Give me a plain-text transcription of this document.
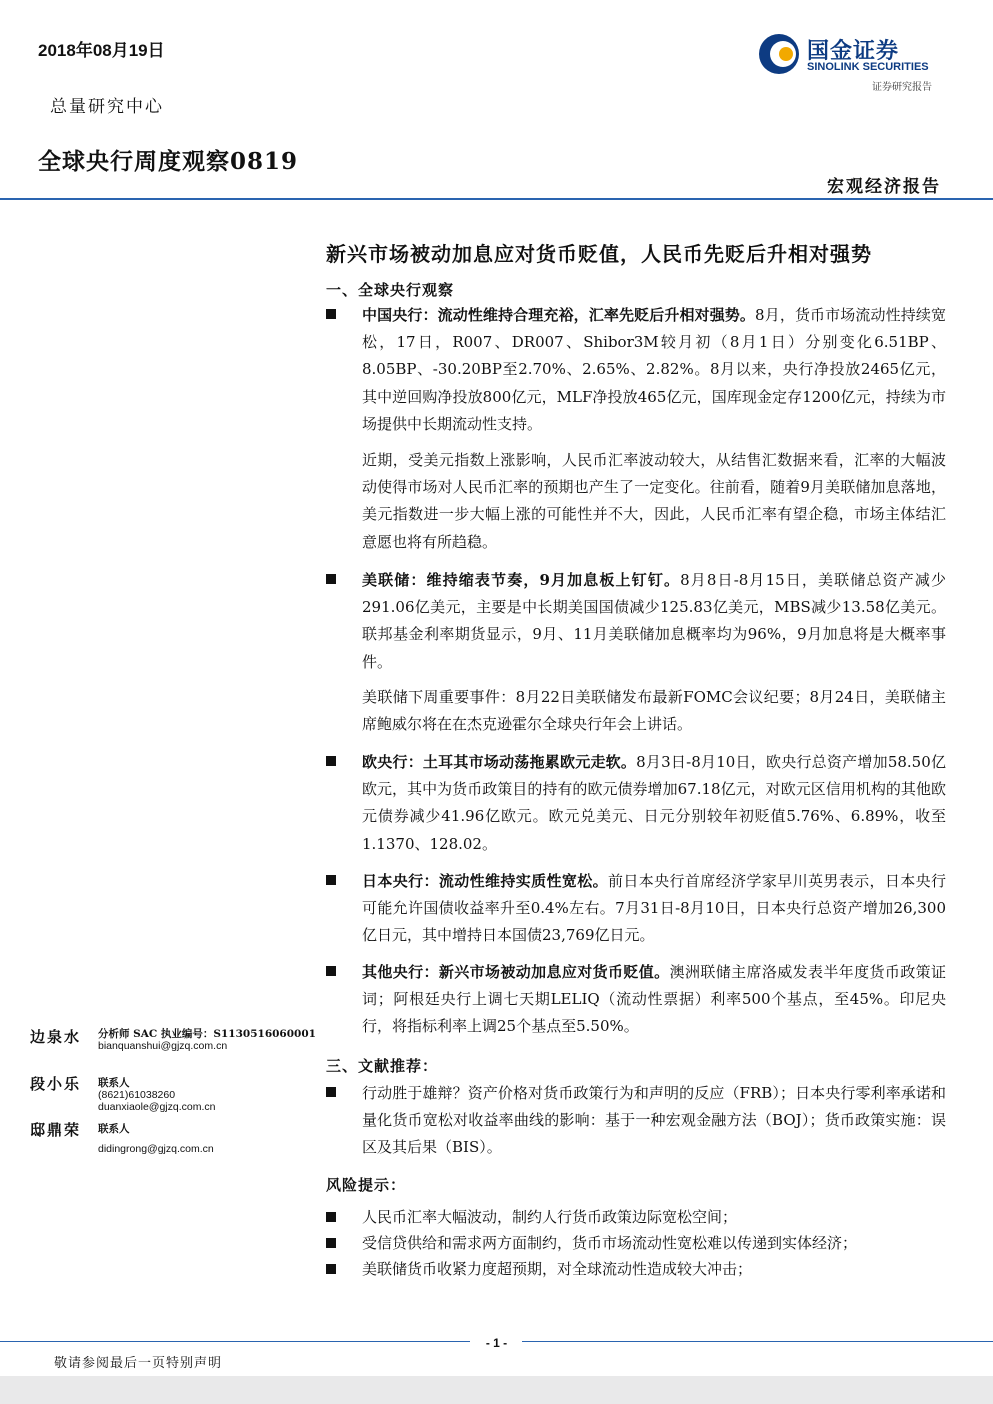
2018年08月19日
总量研究中心
全球央行周度观察0819
国金证券
SINOLINK SECURITIES
证券研究报告
宏观经济报告
新兴市场被动加息应对货币贬值，人民币先贬后升相对强势
一、全球央行观察
中国央行：流动性维持合理充裕，汇率先贬后升相对强势。8月，货币市场流动性持续宽松，17日，R007、DR007、Shibor3M较月初（8月1日）分别变化6.51BP、8.05BP、-30.20BP至2.70%、2.65%、2.82%。8月以来，央行净投放2465亿元，其中逆回购净投放800亿元，MLF净投放465亿元，国库现金定存1200亿元，持续为市场提供中长期流动性支持。
近期，受美元指数上涨影响，人民币汇率波动较大，从结售汇数据来看，汇率的大幅波动使得市场对人民币汇率的预期也产生了一定变化。往前看，随着9月美联储加息落地，美元指数进一步大幅上涨的可能性并不大，因此，人民币汇率有望企稳，市场主体结汇意愿也将有所趋稳。
美联储：维持缩表节奏，9月加息板上钉钉。8月8日-8月15日，美联储总资产减少291.06亿美元，主要是中长期美国国债减少125.83亿美元，MBS减少13.58亿美元。联邦基金利率期货显示，9月、11月美联储加息概率均为96%，9月加息将是大概率事件。
美联储下周重要事件：8月22日美联储发布最新FOMC会议纪要；8月24日，美联储主席鲍威尔将在在杰克逊霍尔全球央行年会上讲话。
欧央行：土耳其市场动荡拖累欧元走软。8月3日-8月10日，欧央行总资产增加58.50亿欧元，其中为货币政策目的持有的欧元债券增加67.18亿元，对欧元区信用机构的其他欧元债券减少41.96亿欧元。欧元兑美元、日元分别较年初贬值5.76%、6.89%，收至1.1370、128.02。
日本央行：流动性维持实质性宽松。前日本央行首席经济学家早川英男表示，日本央行可能允许国债收益率升至0.4%左右。7月31日-8月10日，日本央行总资产增加26,300亿日元，其中增持日本国债23,769亿日元。
其他央行：新兴市场被动加息应对货币贬值。澳洲联储主席洛威发表半年度货币政策证词；阿根廷央行上调七天期LELIQ（流动性票据）利率500个基点，至45%。印尼央行，将指标利率上调25个基点至5.50%。
三、文献推荐：
行动胜于雄辩？资产价格对货币政策行为和声明的反应（FRB）；日本央行零利率承诺和量化货币宽松对收益率曲线的影响：基于一种宏观金融方法（BOJ）；货币政策实施：误区及其后果（BIS）。
风险提示：
人民币汇率大幅波动，制约人行货币政策边际宽松空间；
受信贷供给和需求两方面制约，货币市场流动性宽松难以传递到实体经济；
美联储货币收紧力度超预期，对全球流动性造成较大冲击；
边泉水 分析师 SAC 执业编号：S1130516060001
bianquanshui@gjzq.com.cn
段小乐 联系人
(8621)61038260
duanxiaole@gjzq.com.cn
邸鼎荣 联系人
didingrong@gjzq.com.cn
- 1 -
敬请参阅最后一页特别声明
